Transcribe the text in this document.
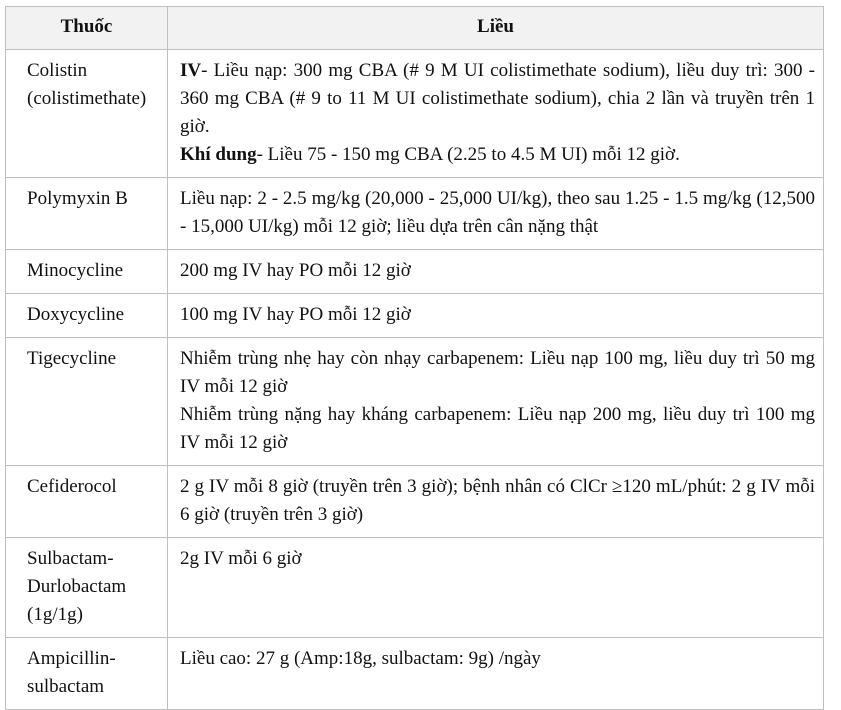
Thuốc	Liều

Colistin
(colistimethate)	IV- Liều nạp: 300 mg CBA (# 9 M UI colistimethate sodium), liều duy trì: 300 - 360 mg CBA (# 9 to 11 M UI colistimethate sodium), chia 2 lần và truyền trên 1 giờ.
Khí dung- Liều 75 - 150 mg CBA (2.25 to 4.5 M UI) mỗi 12 giờ.

Polymyxin B	Liều nạp: 2 - 2.5 mg/kg (20,000 - 25,000 UI/kg), theo sau 1.25 - 1.5 mg/kg (12,500 - 15,000 UI/kg) mỗi 12 giờ; liều dựa trên cân nặng thật

Minocycline	200 mg IV hay PO mỗi 12 giờ

Doxycycline	100 mg IV hay PO mỗi 12 giờ

Tigecycline	Nhiễm trùng nhẹ hay còn nhạy carbapenem: Liều nạp 100 mg, liều duy trì 50 mg IV mỗi 12 giờ
Nhiễm trùng nặng hay kháng carbapenem: Liều nạp 200 mg, liều duy trì 100 mg IV mỗi 12 giờ

Cefiderocol	2 g IV mỗi 8 giờ (truyền trên 3 giờ); bệnh nhân có ClCr ≥120 mL/phút: 2 g IV mỗi 6 giờ (truyền trên 3 giờ)

Sulbactam-
Durlobactam
(1g/1g)	2g IV mỗi 6 giờ

Ampicillin-
sulbactam	Liều cao: 27 g (Amp:18g, sulbactam: 9g) /ngày
